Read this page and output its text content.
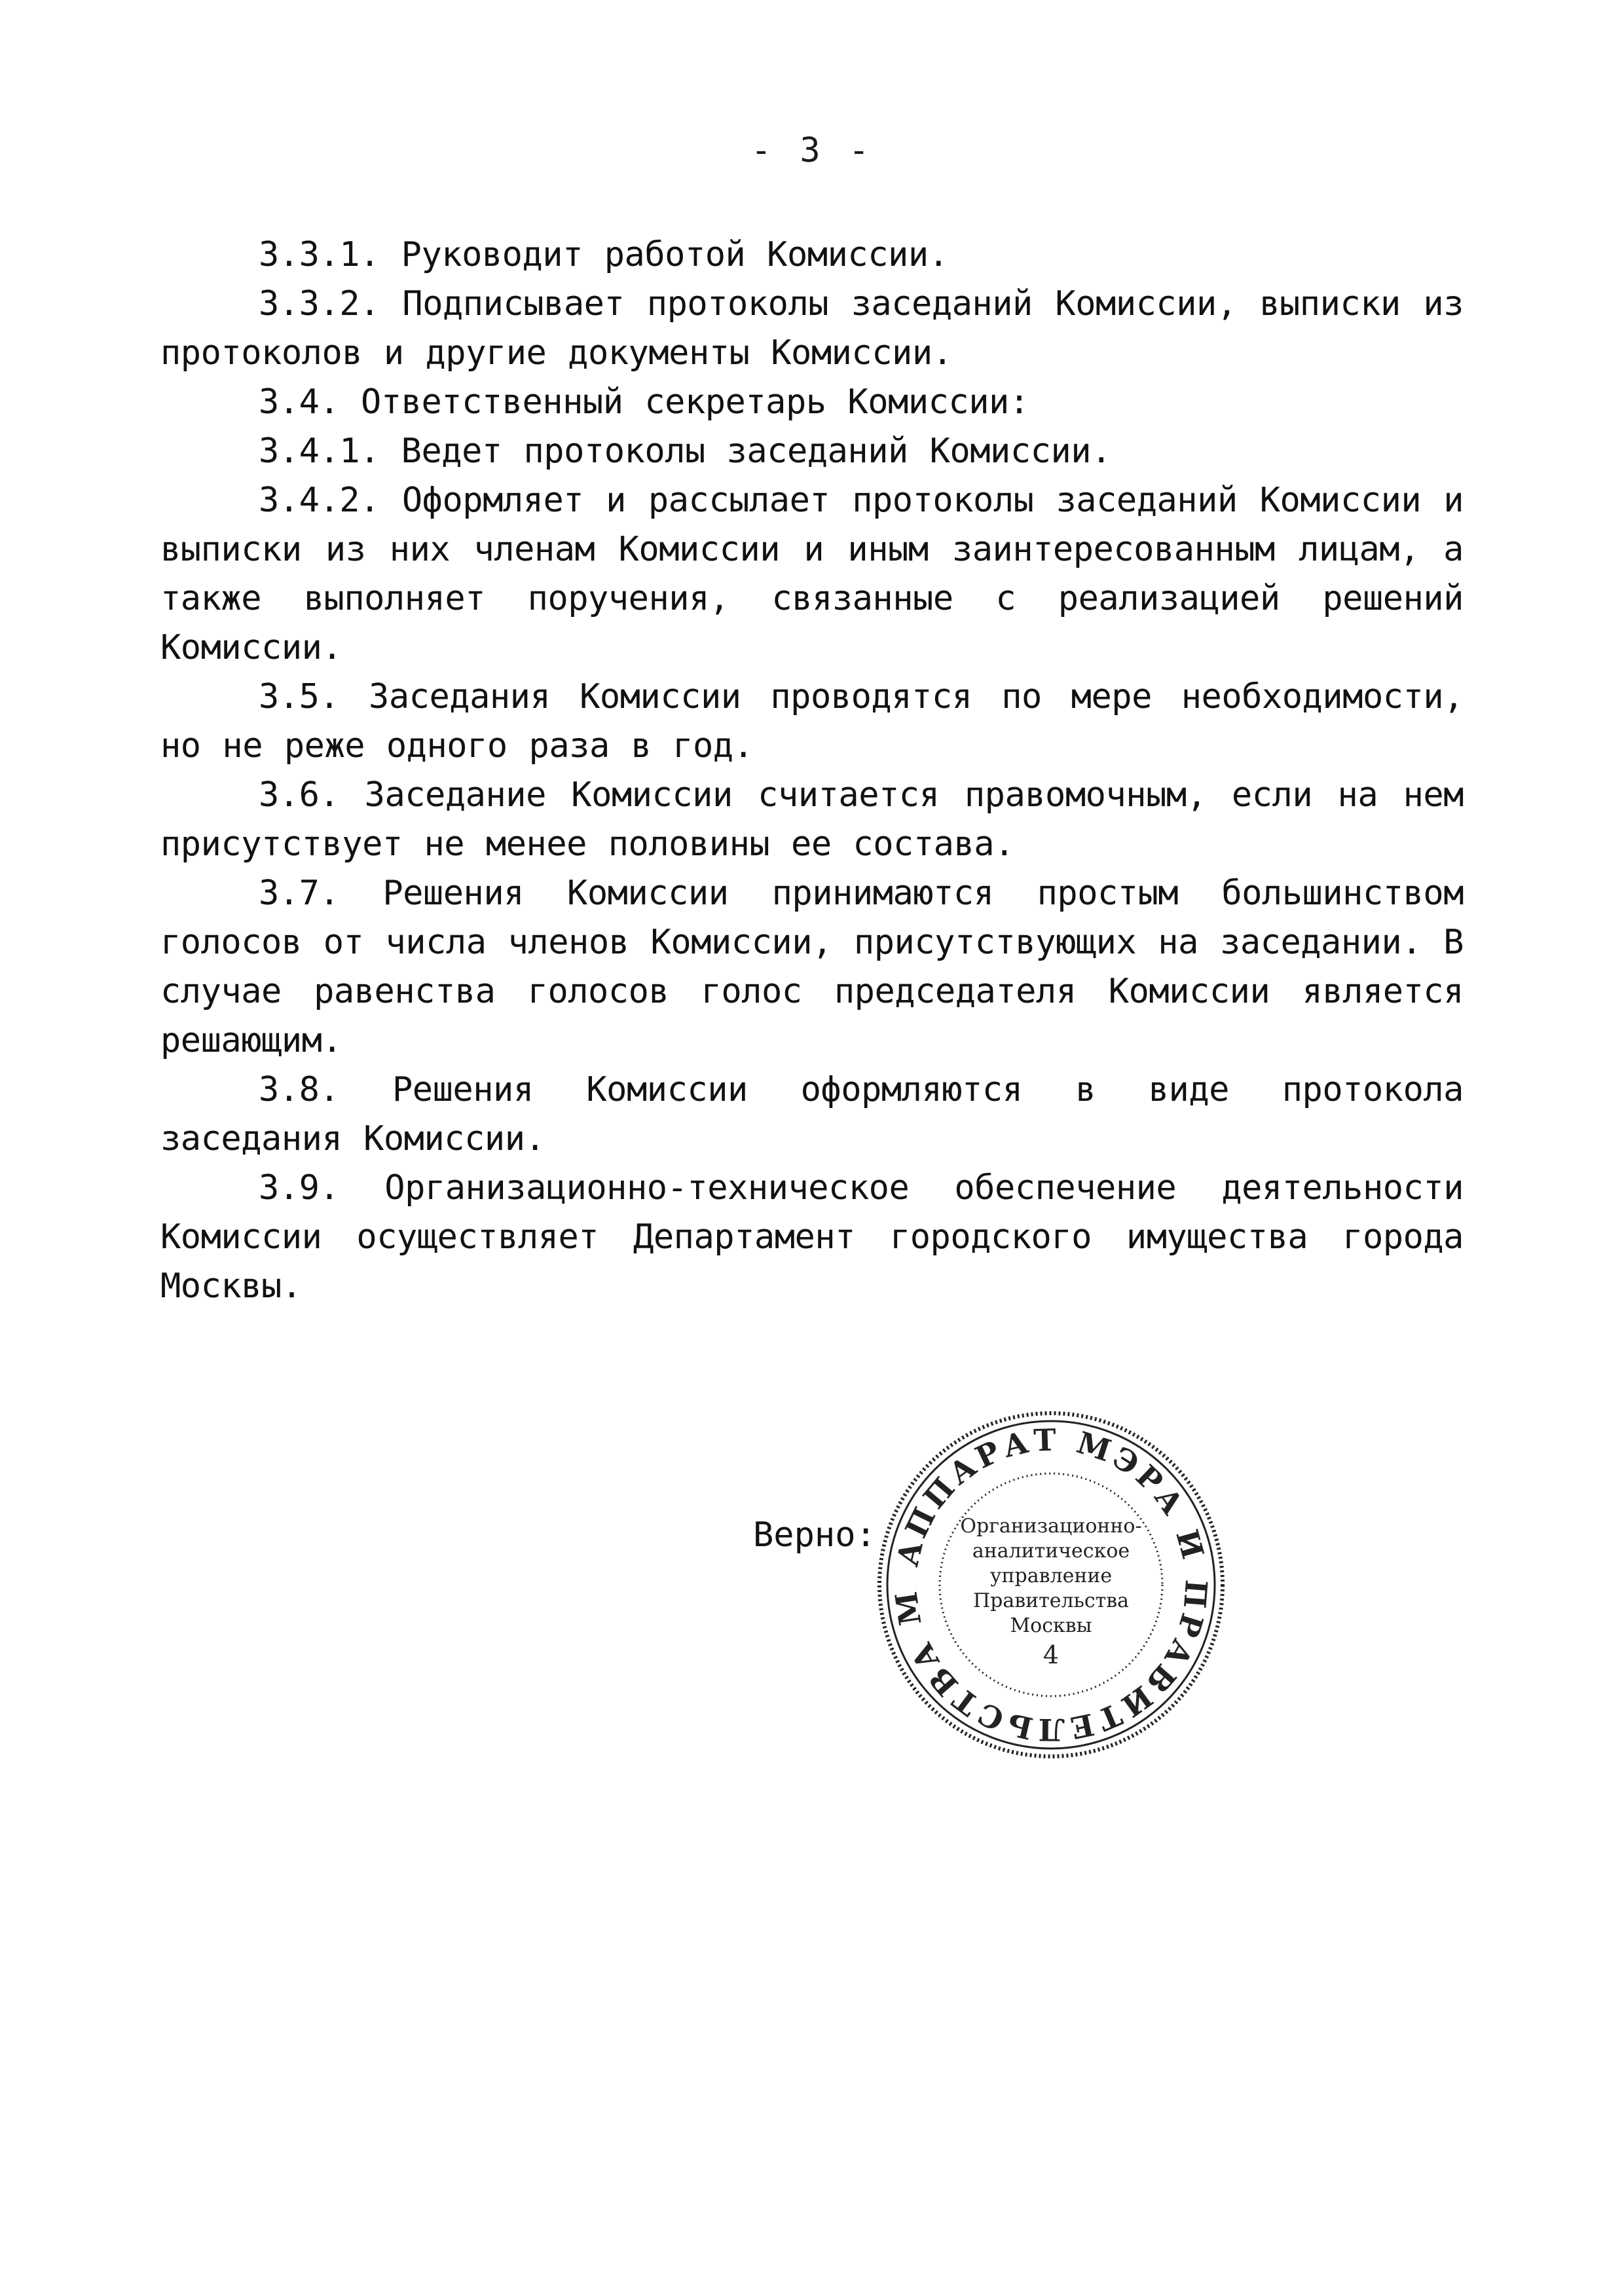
- 3 -

3.3.1. Руководит работой Комиссии.

3.3.2. Подписывает протоколы заседаний Комиссии, выписки из протоколов и другие документы Комиссии.

3.4. Ответственный секретарь Комиссии:

3.4.1. Ведет протоколы заседаний Комиссии.

3.4.2. Оформляет и рассылает протоколы заседаний Комиссии и выписки из них членам Комиссии и иным заинтересованным лицам, а также выполняет поручения, связанные с реализацией решений Комиссии.

3.5. Заседания Комиссии проводятся по мере необходимости, но не реже одного раза в год.

3.6. Заседание Комиссии считается правомочным, если на нем присутствует не менее половины ее состава.

3.7. Решения Комиссии принимаются простым большинством голосов от числа членов Комиссии, присутствующих на заседании. В случае равенства голосов голос председателя Комиссии является решающим.

3.8. Решения Комиссии оформляются в виде протокола заседания Комиссии.

3.9. Организационно-техническое обеспечение деятельности Комиссии осуществляет Департамент городского имущества города Москвы.

Верно: АППАРАТ МЭРА И ПРАВИТЕЛЬСТВА М
Организационно-
аналитическое
управление
Правительства
Москвы
4
